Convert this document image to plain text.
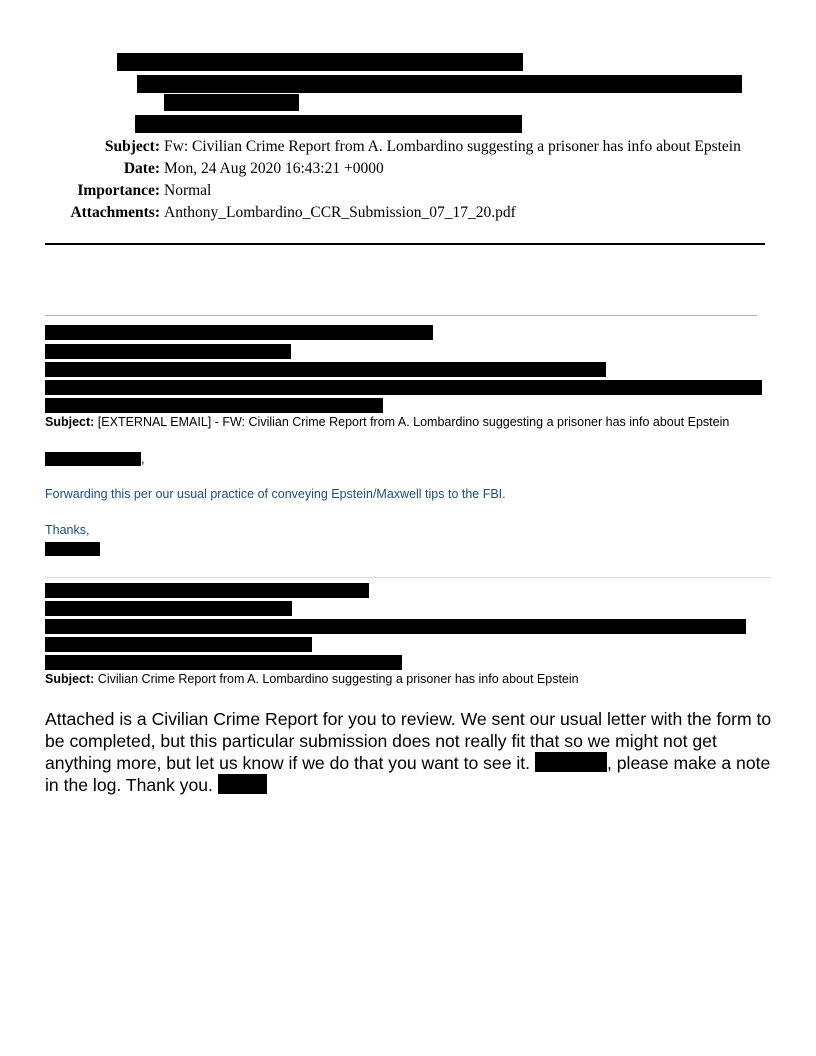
Subject: Fw: Civilian Crime Report from A. Lombardino suggesting a prisoner has info about Epstein
Date: Mon, 24 Aug 2020 16:43:21 +0000
Importance: Normal
Attachments: Anthony_Lombardino_CCR_Submission_07_17_20.pdf
Subject: [EXTERNAL EMAIL] - FW: Civilian Crime Report from A. Lombardino suggesting a prisoner has info about Epstein
,
Forwarding this per our usual practice of conveying Epstein/Maxwell tips to the FBI.
Thanks,
Subject: Civilian Crime Report from A. Lombardino suggesting a prisoner has info about Epstein
Attached is a Civilian Crime Report for you to review. We sent our usual letter with the form to be completed, but this particular submission does not really fit that so we might not get anything more, but let us know if we do that you want to see it.	, please make a note in the log. Thank you.
